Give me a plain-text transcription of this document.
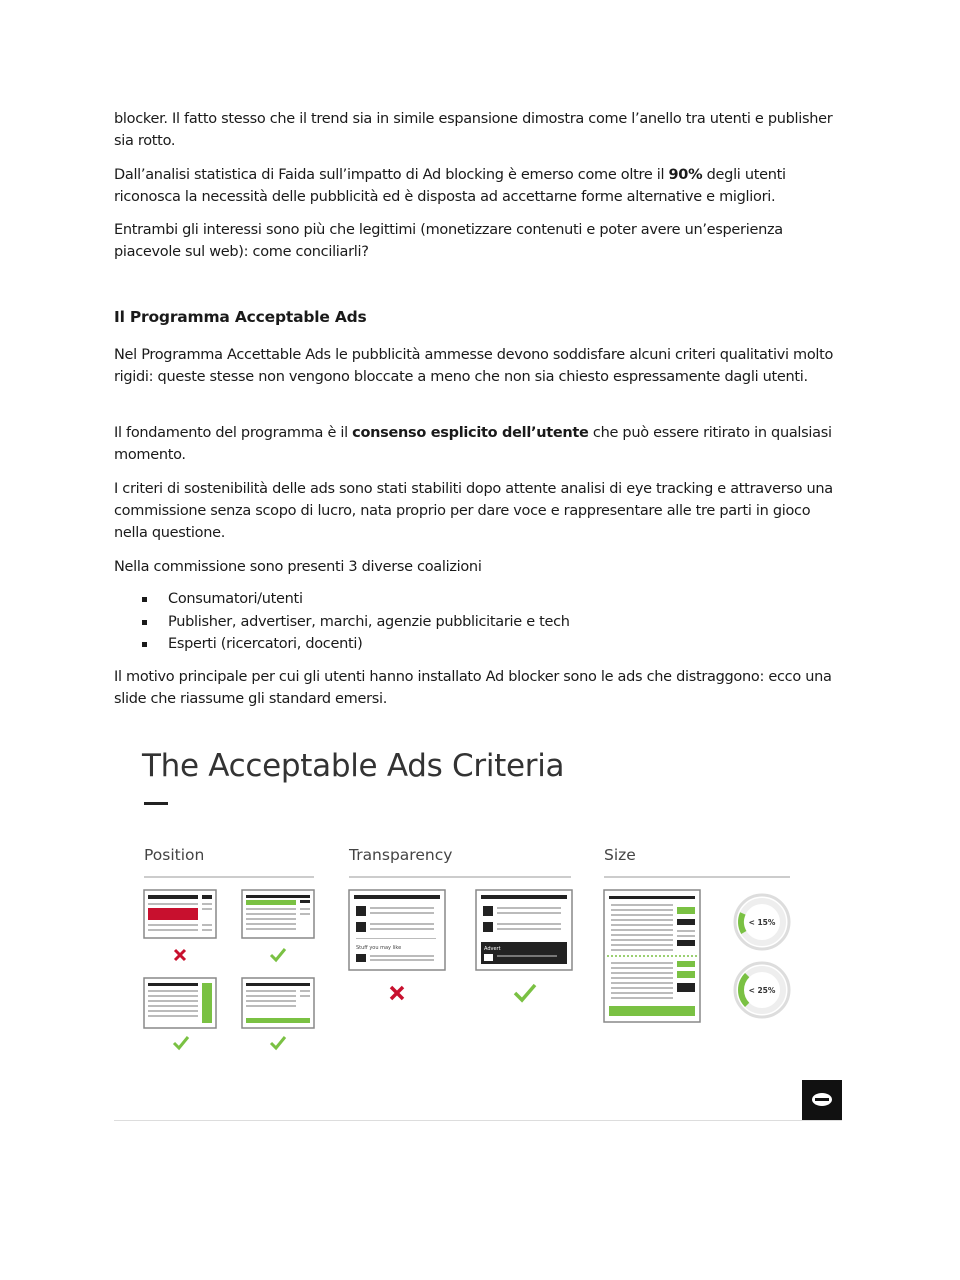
blocker. Il fatto stesso che il trend sia in simile espansione dimostra come l’anello tra utenti e publisher sia rotto.

Dall’analisi statistica di Faida sull’impatto di Ad blocking è emerso come oltre il 90% degli utenti riconosca la necessità delle pubblicità ed è disposta ad accettarne forme alternative e migliori.

Entrambi gli interessi sono più che legittimi (monetizzare contenuti e poter avere un’esperienza piacevole sul web): come conciliarli?

Il Programma Acceptable Ads

Nel Programma Accettable Ads le pubblicità ammesse devono soddisfare alcuni criteri qualitativi molto rigidi: queste stesse non vengono bloccate a meno che non sia chiesto espressamente dagli utenti.

Il fondamento del programma è il consenso esplicito dell’utente che può essere ritirato in qualsiasi momento.

I criteri di sostenibilità delle ads sono stati stabiliti dopo attente analisi di eye tracking e attraverso una commissione senza scopo di lucro, nata proprio per dare voce e rappresentare alle tre parti in gioco nella questione.

Nella commissione sono presenti 3 diverse coalizioni

Consumatori/utenti
Publisher, advertiser, marchi, agenzie pubblicitarie e tech
Esperti (ricercatori, docenti)

Il motivo principale per cui gli utenti hanno installato Ad blocker sono le ads che distraggono: ecco una slide che riassume gli standard emersi.

The Acceptable Ads Criteria
Position	Transparency	Size
Stuff you may like	Advert
< 15%
< 25%
